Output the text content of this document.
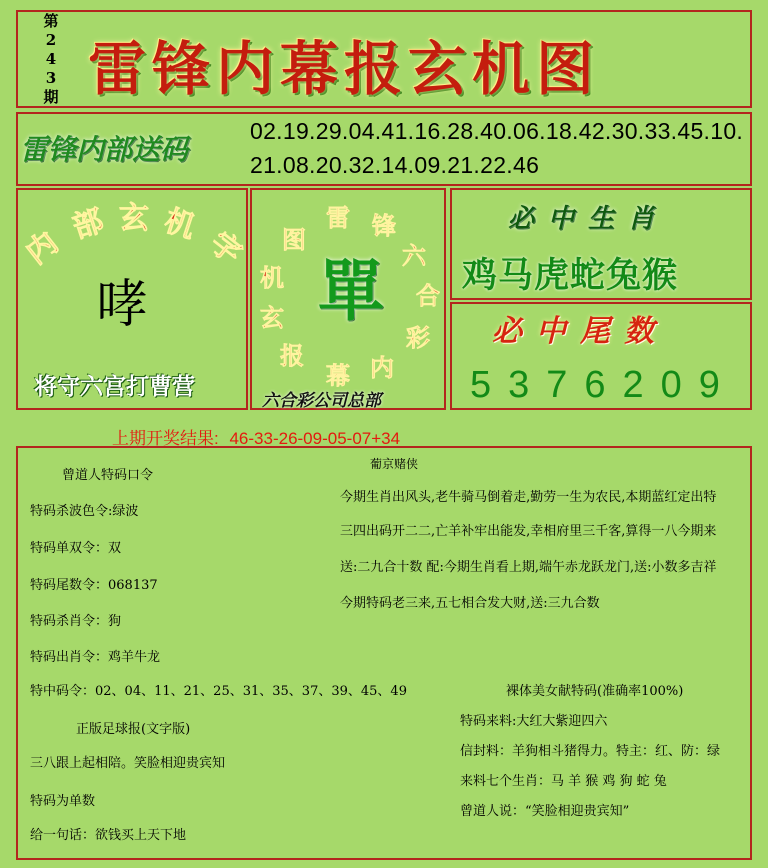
第
2
4
3
期 雷锋内幕报玄机图
雷锋内部送码
02.19.29.04.41.16.28.40.06.18.42.30.33.45.10.
21.08.20.32.14.09.21.22.46
内
部 玄 机
字
哮
将守六宫打曹营
雷 锋
六
合
彩
内
幕
报
玄
机
图
單
六合彩公司总部
必中生肖
鸡马虎蛇兔猴
必中尾数
5376209
上期开奖结果: 46-33-26-09-05-07+34
曾道人特码口令
特码杀波色令:绿波
特码单双令：双
特码尾数令：068137
特码杀肖令：狗
特码出肖令：鸡羊牛龙
特中码令：02、04、11、21、25、31、35、37、39、45、49
正版足球报(文字版)
三八跟上起相陪。笑脸相迎贵宾知
特码为单数
给一句话：欲钱买上天下地
葡京赌侠
今期生肖出风头,老牛骑马倒着走,勤劳一生为农民,本期蓝红定出特
三四出码开二二,亡羊补牢出能发,幸相府里三千客,算得一八今期来
送:二九合十数 配:今期生肖看上期,端午赤龙跃龙门,送:小数多吉祥
今期特码老三来,五七相合发大财,送:三九合数
裸体美女献特码(准确率100%)
特码来料:大红大紫迎四六
信封料：羊狗相斗猪得力。特主：红、防：绿
来料七个生肖：马 羊 猴 鸡 狗 蛇 兔
曾道人说：“笑脸相迎贵宾知”
